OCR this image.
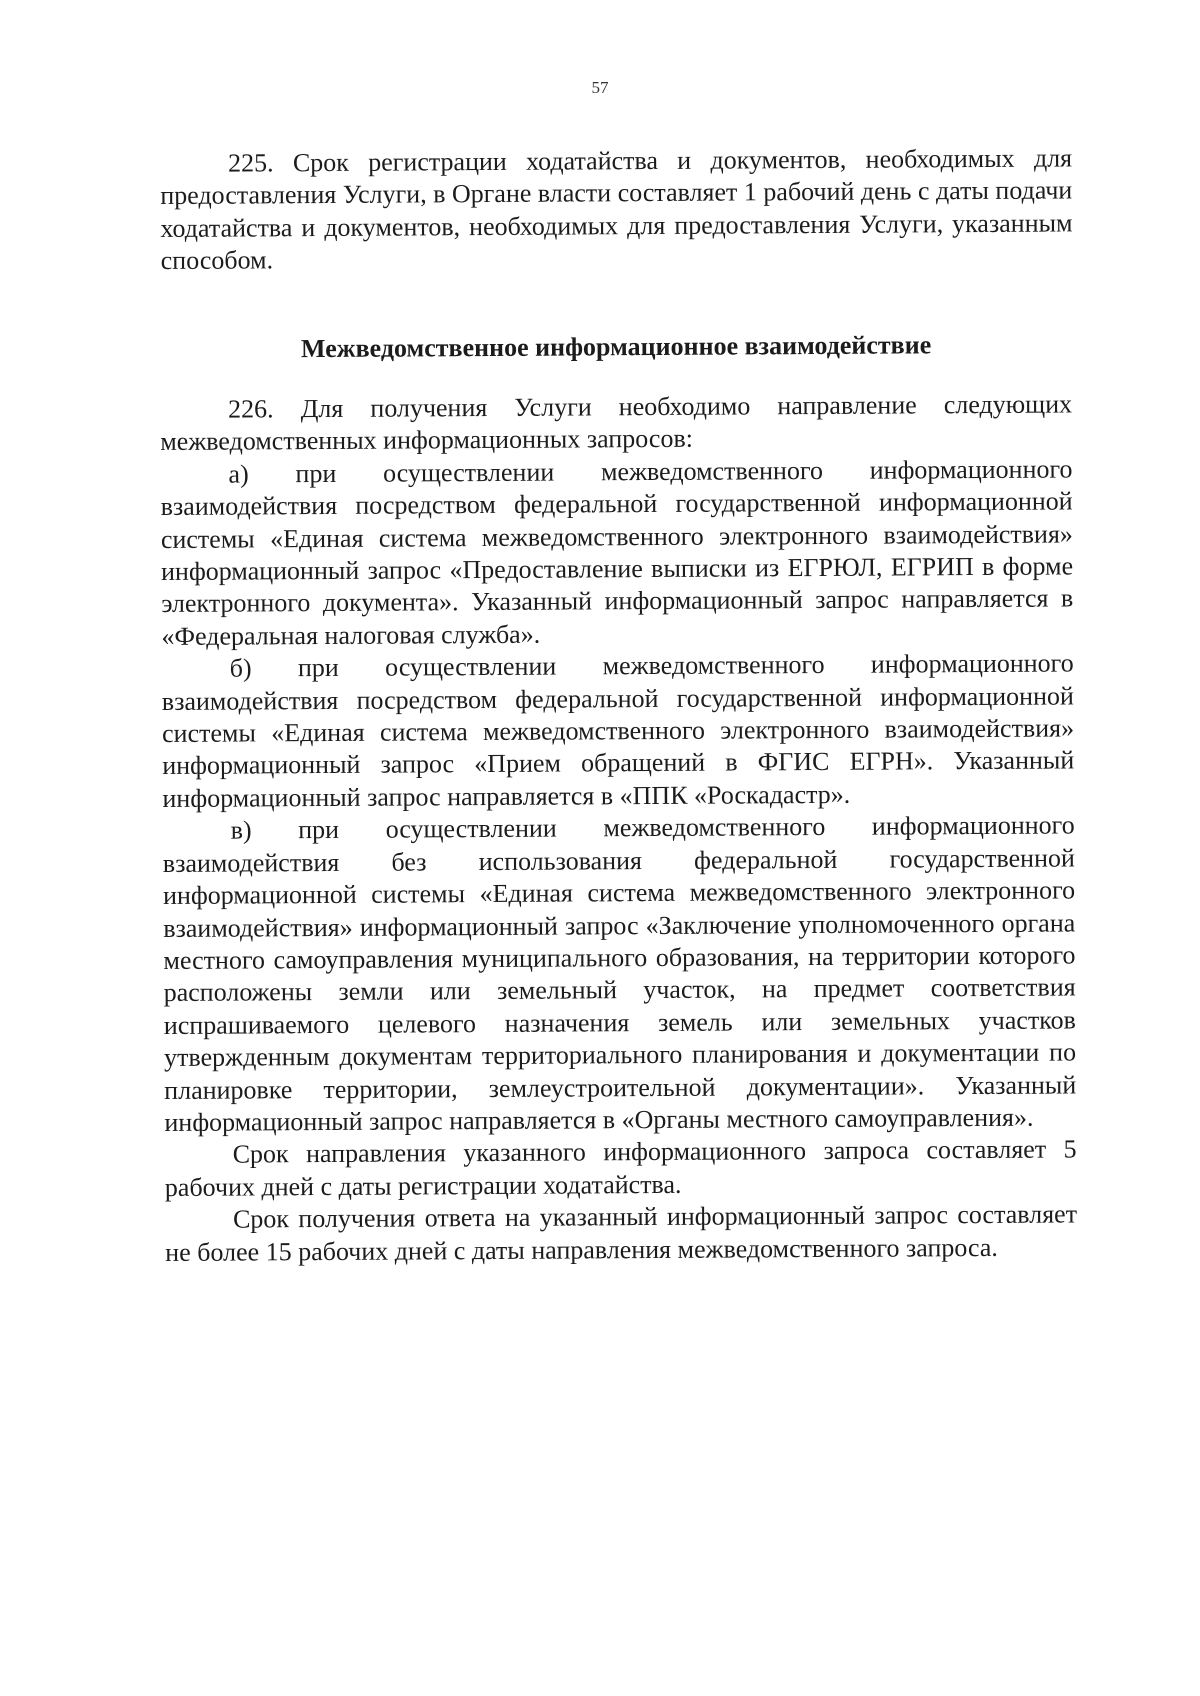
57

225. Срок регистрации ходатайства и документов, необходимых для предоставления Услуги, в Органе власти составляет 1 рабочий день с даты подачи ходатайства и документов, необходимых для предоставления Услуги, указанным способом.

Межведомственное информационное взаимодействие

226. Для получения Услуги необходимо направление следующих межведомственных информационных запросов:

а) при осуществлении межведомственного информационного взаимодействия посредством федеральной государственной информационной системы «Единая система межведомственного электронного взаимодействия» информационный запрос «Предоставление выписки из ЕГРЮЛ, ЕГРИП в форме электронного документа». Указанный информационный запрос направляется в «Федеральная налоговая служба».

б) при осуществлении межведомственного информационного взаимодействия посредством федеральной государственной информационной системы «Единая система межведомственного электронного взаимодействия» информационный запрос «Прием обращений в ФГИС ЕГРН». Указанный информационный запрос направляется в «ППК «Роскадастр».

в) при осуществлении межведомственного информационного взаимодействия без использования федеральной государственной информационной системы «Единая система межведомственного электронного взаимодействия» информационный запрос «Заключение уполномоченного органа местного самоуправления муниципального образования, на территории которого расположены земли или земельный участок, на предмет соответствия испрашиваемого целевого назначения земель или земельных участков утвержденным документам территориального планирования и документации по планировке территории, землеустроительной документации». Указанный информационный запрос направляется в «Органы местного самоуправления».

Срок направления указанного информационного запроса составляет 5 рабочих дней с даты регистрации ходатайства.

Срок получения ответа на указанный информационный запрос составляет не более 15 рабочих дней с даты направления межведомственного запроса.
